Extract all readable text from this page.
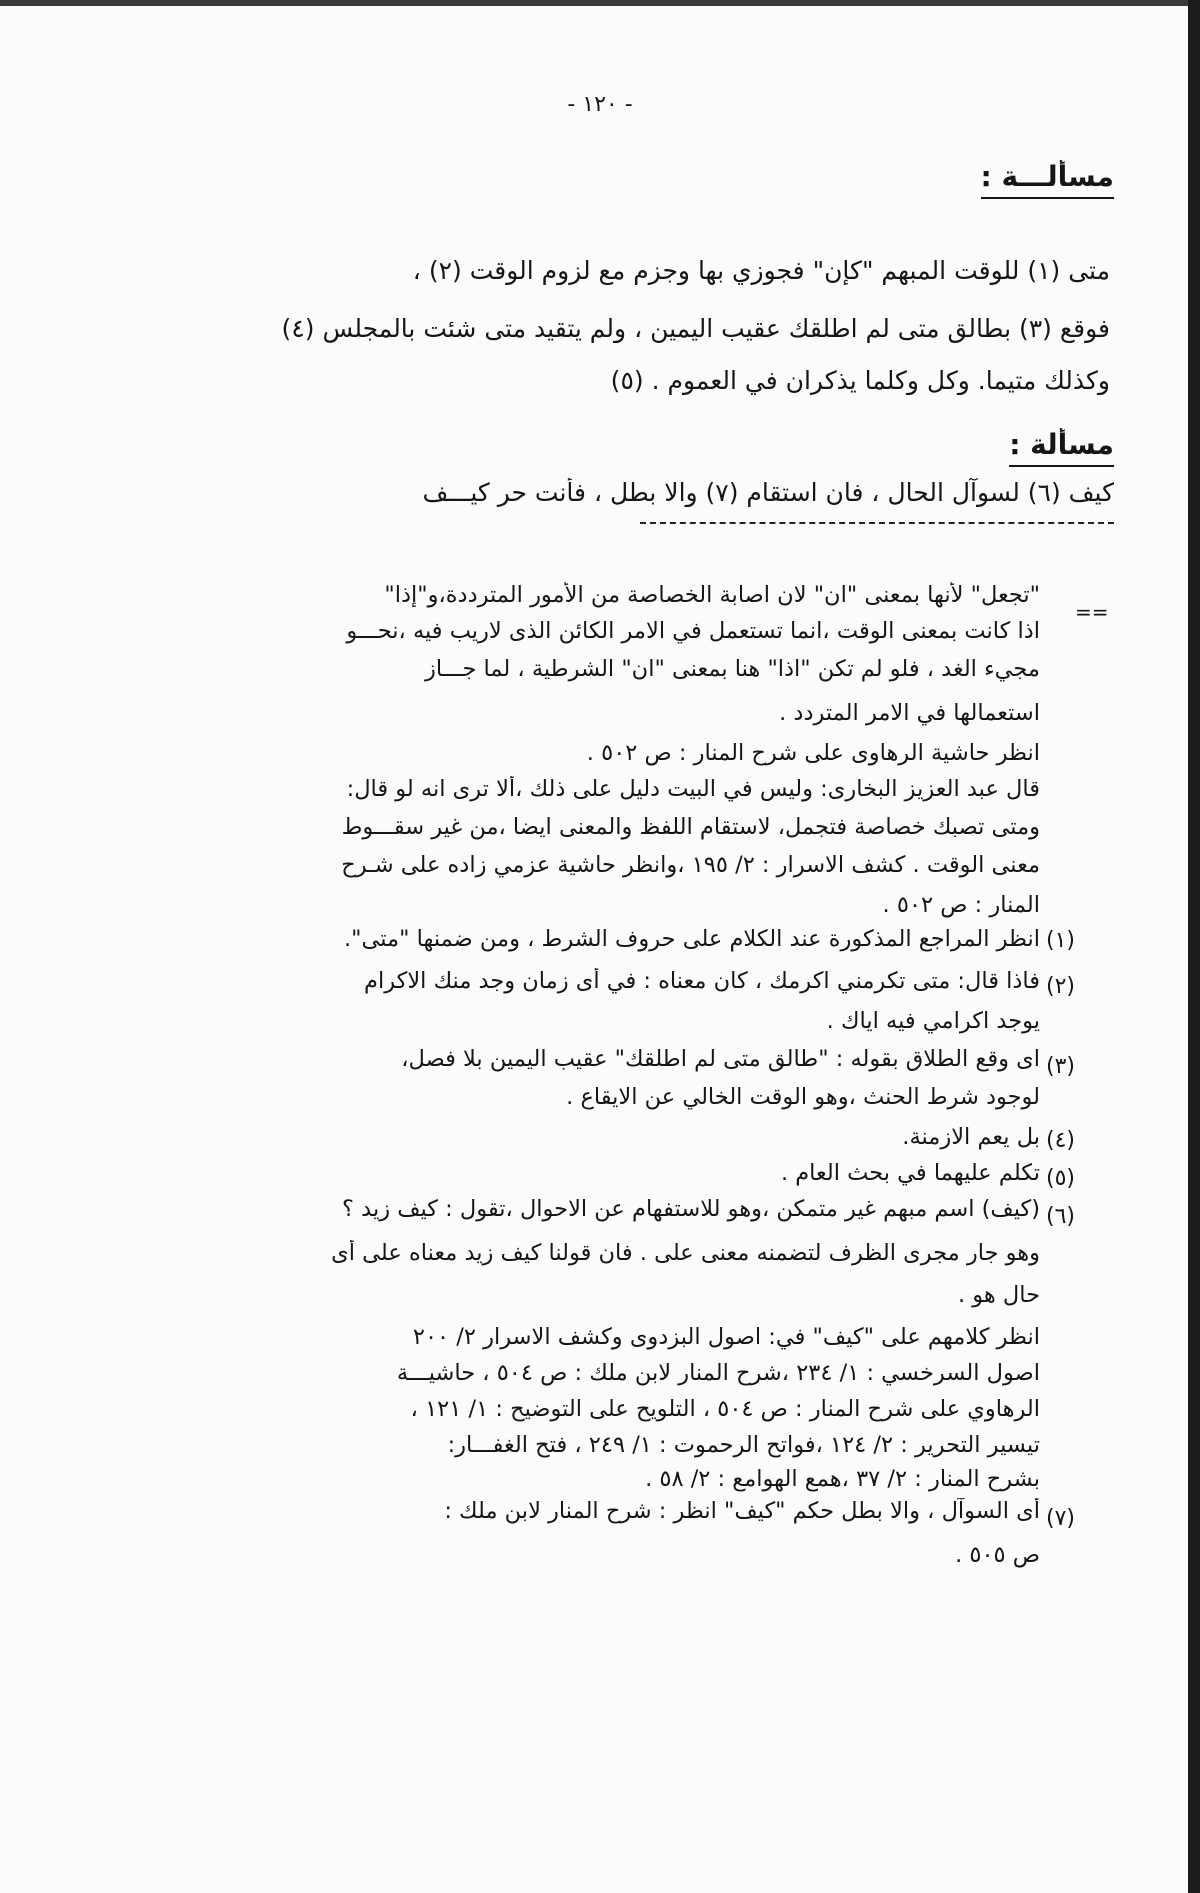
- ١٢٠ -
مسألـــة :
متى (١) للوقت المبهم "كإن" فجوزي بها وجزم مع لزوم الوقت (٢) ،
فوقع (٣) بطالق متى لم اطلقك عقيب اليمين ، ولم يتقيد متى شئت بالمجلس (٤)
وكذلك متيما. وكل وكلما يذكران في العموم . (٥)
مسألة :
كيف (٦) لسوآل الحال ، فان استقام (٧) والا بطل ، فأنت حر كيـــف
==
"تجعل" لأنها بمعنى "ان" لان اصابة الخصاصة من الأمور المترددة،و"إذا"
اذا كانت بمعنى الوقت ،انما تستعمل في الامر الكائن الذى لاريب فيه ،نحـــو
مجيء الغد ، فلو لم تكن "اذا" هنا بمعنى "ان" الشرطية ، لما جـــاز
استعمالها في الامر المتردد .
انظر حاشية الرهاوى على شرح المنار : ص ٥٠٢ .
قال عبد العزيز البخارى: وليس في البيت دليل على ذلك ،ألا ترى انه لو قال:
ومتى تصبك خصاصة فتجمل، لاستقام اللفظ والمعنى ايضا ،من غير سقـــوط
معنى الوقت . كشف الاسرار : ٢/ ١٩٥ ،وانظر حاشية عزمي زاده على شـرح
المنار : ص ٥٠٢ .
(١)
انظر المراجع المذكورة عند الكلام على حروف الشرط ، ومن ضمنها "متى".
(٢)
فاذا قال: متى تكرمني اكرمك ، كان معناه : في أى زمان وجد منك الاكرام
يوجد اكرامي فيه اياك .
(٣)
اى وقع الطلاق بقوله : "طالق متى لم اطلقك" عقيب اليمين بلا فصل،
لوجود شرط الحنث ،وهو الوقت الخالي عن الايقاع .
(٤)
بل يعم الازمنة.
(٥)
تكلم عليهما في بحث العام .
(٦)
(كيف) اسم مبهم غير متمكن ،وهو للاستفهام عن الاحوال ،تقول : كيف زيد ؟
وهو جار مجرى الظرف لتضمنه معنى على . فان قولنا كيف زيد معناه على أى
حال هو .
انظر كلامهم على "كيف" في: اصول البزدوى وكشف الاسرار ٢/ ٢٠٠
اصول السرخسي : ١/ ٢٣٤ ،شرح المنار لابن ملك : ص ٥٠٤ ، حاشيـــة
الرهاوي على شرح المنار : ص ٥٠٤ ، التلويح على التوضيح : ١/ ١٢١ ،
تيسير التحرير : ٢/ ١٢٤ ،فواتح الرحموت : ١/ ٢٤٩ ، فتح الغفـــار:
بشرح المنار : ٢/ ٣٧ ،همع الهوامع : ٢/ ٥٨ .
(٧)
أى السوآل ، والا بطل حكم "كيف" انظر : شرح المنار لابن ملك :
ص ٥٠٥ .
